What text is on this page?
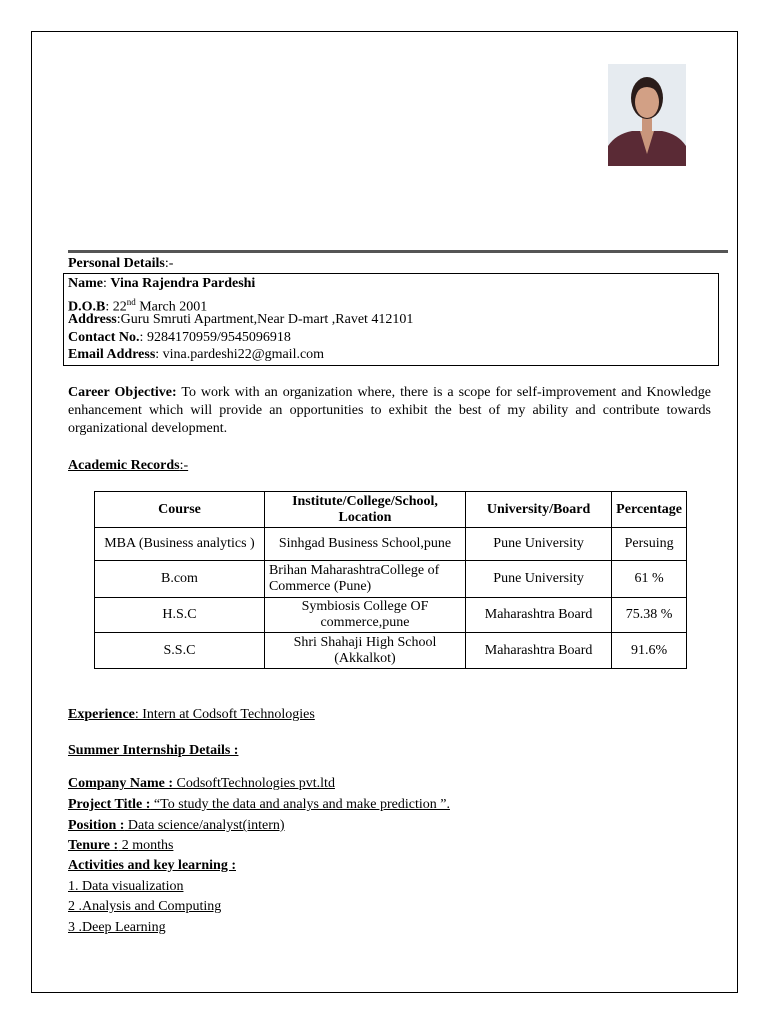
Personal Details:-
Name: Vina Rajendra Pardeshi
D.O.B: 22nd March 2001
Address:Guru Smruti Apartment,Near D-mart ,Ravet 412101
Contact No.: 9284170959/9545096918
Email Address: vina.pardeshi22@gmail.com
Career Objective: To work with an organization where, there is a scope for self-improvement and Knowledge enhancement which will provide an opportunities to exhibit the best of my ability and contribute towards organizational development.
Academic Records:-
Course	Institute/College/School, Location	University/Board	Percentage
MBA (Business analytics )	Sinhgad Business School,pune	Pune University	Persuing
B.com	Brihan MaharashtraCollege of Commerce (Pune)	Pune University	61 %
H.S.C	Symbiosis College OF commerce,pune	Maharashtra Board	75.38 %
S.S.C	Shri Shahaji High School (Akkalkot)	Maharashtra Board	91.6%
Experience: Intern at Codsoft Technologies
Summer Internship Details :
Company Name : CodsoftTechnologies pvt.ltd
Project Title : “To study the data and analys and make prediction ”.
Position : Data science/analyst(intern)
Tenure : 2 months
Activities and key learning :
1. Data visualization
2 .Analysis and Computing
3 .Deep Learning
